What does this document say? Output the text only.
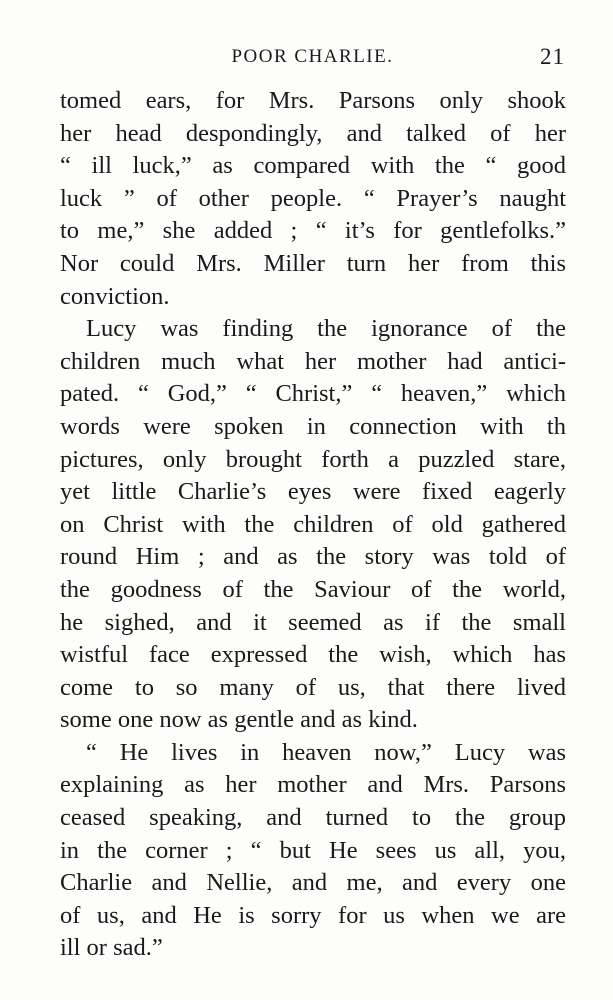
POOR CHARLIE.	21
tomed ears, for Mrs. Parsons only shook
her head despondingly, and talked of her
“ ill luck,” as compared with the “ good
luck ” of other people. “ Prayer’s naught
to me,” she added ; “ it’s for gentlefolks.”
Nor could Mrs. Miller turn her from this
conviction.
Lucy was finding the ignorance of the
children much what her mother had antici-
pated. “ God,” “ Christ,” “ heaven,” which
words were spoken in connection with th
pictures, only brought forth a puzzled stare,
yet little Charlie’s eyes were fixed eagerly
on Christ with the children of old gathered
round Him ; and as the story was told of
the goodness of the Saviour of the world,
he sighed, and it seemed as if the small
wistful face expressed the wish, which has
come to so many of us, that there lived
some one now as gentle and as kind.
“ He lives in heaven now,” Lucy was
explaining as her mother and Mrs. Parsons
ceased speaking, and turned to the group
in the corner ; “ but He sees us all, you,
Charlie and Nellie, and me, and every one
of us, and He is sorry for us when we are
ill or sad.”
